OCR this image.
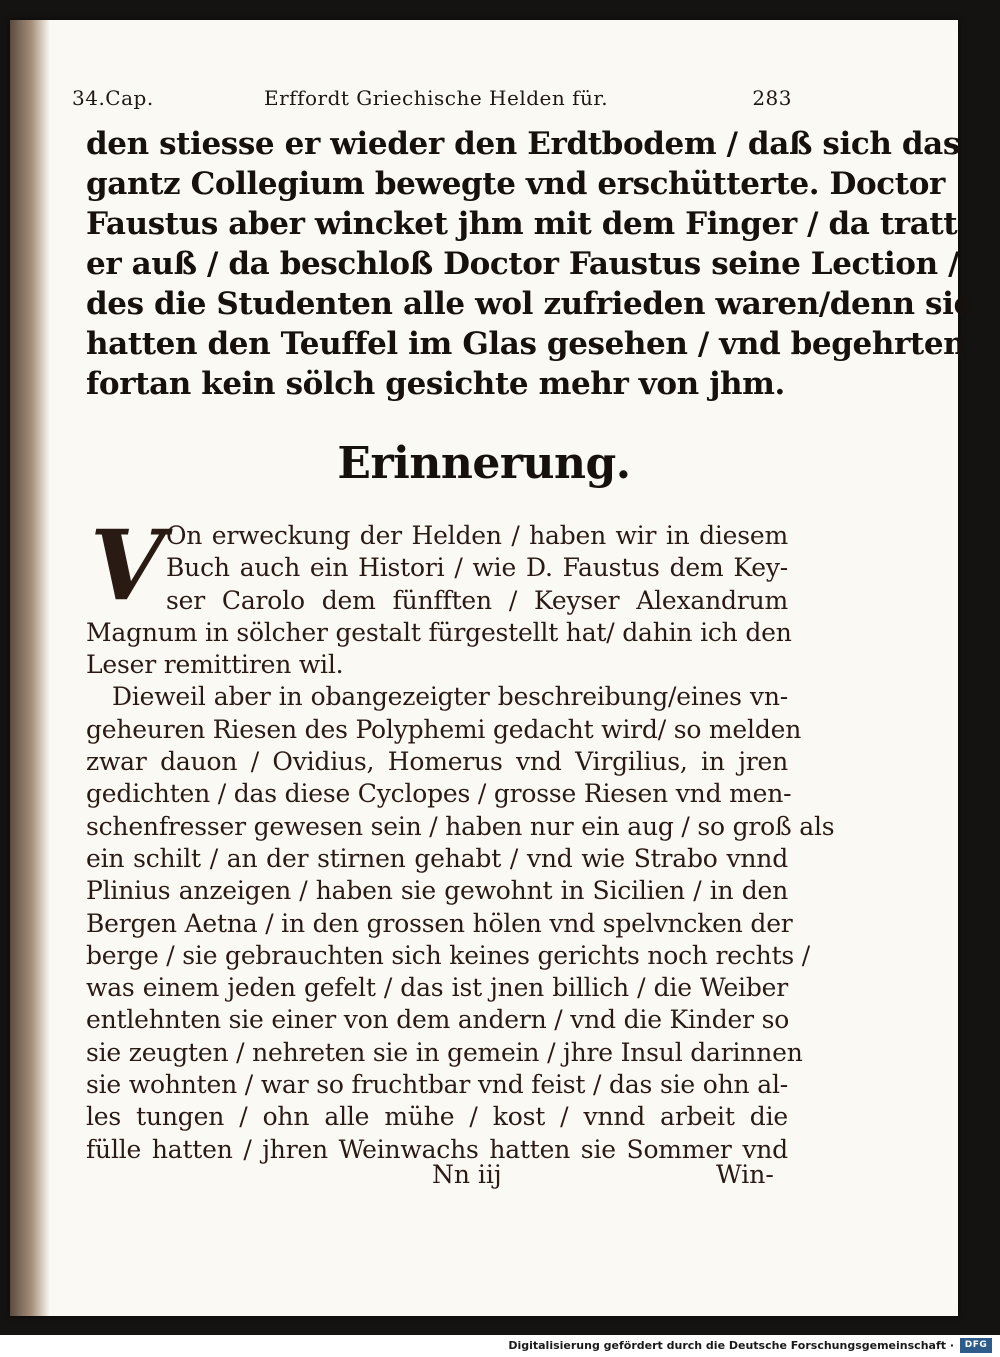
34.Cap.	Erffordt Griechische Helden für.	283
den stiesse er wieder den Erdtbodem / daß sich das
gantz Collegium bewegte vnd erschütterte. Doctor
Faustus aber wincket jhm mit dem Finger / da tratt
er auß / da beschloß Doctor Faustus seine Lection /
des die Studenten alle wol zufrieden waren/denn sie
hatten den Teuffel im Glas gesehen / vnd begehrten
fortan kein sölch gesichte mehr von jhm.
Erinnerung.
V On erweckung der Helden / haben wir in diesem
Buch auch ein Histori / wie D. Faustus dem Key-
ser Carolo dem fünfften / Keyser Alexandrum
Magnum in sölcher gestalt fürgestellt hat/ dahin ich den
Leser remittiren wil.
Dieweil aber in obangezeigter beschreibung/eines vn-
geheuren Riesen des Polyphemi gedacht wird/ so melden
zwar dauon / Ovidius, Homerus vnd Virgilius, in jren
gedichten / das diese Cyclopes / grosse Riesen vnd men-
schenfresser gewesen sein / haben nur ein aug / so groß als
ein schilt / an der stirnen gehabt / vnd wie Strabo vnnd
Plinius anzeigen / haben sie gewohnt in Sicilien / in den
Bergen Aetna / in den grossen hölen vnd spelvncken der
berge / sie gebrauchten sich keines gerichts noch rechts /
was einem jeden gefelt / das ist jnen billich / die Weiber
entlehnten sie einer von dem andern / vnd die Kinder so
sie zeugten / nehreten sie in gemein / jhre Insul darinnen
sie wohnten / war so fruchtbar vnd feist / das sie ohn al-
les tungen / ohn alle mühe / kost / vnnd arbeit die
fülle hatten / jhren Weinwachs hatten sie Sommer vnd
Nn iij	Win-
Digitalisierung gefördert durch die Deutsche Forschungsgemeinschaft ·	DFG
